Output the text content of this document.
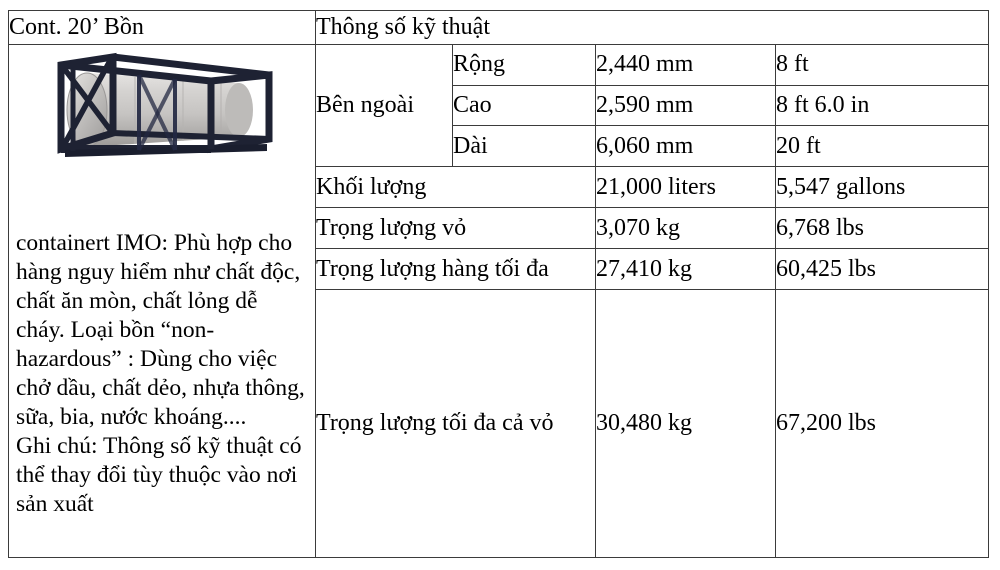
Cont. 20’ Bồn	Thông số kỹ thuật			

containert IMO: Phù hợp cho
hàng nguy hiểm như chất độc,
chất ăn mòn, chất lỏng dễ
cháy. Loại bồn “non-
hazardous” : Dùng cho việc
chở dầu, chất dẻo, nhựa thông,
sữa, bia, nước khoáng....
Ghi chú: Thông số kỹ thuật có
thể thay đổi tùy thuộc vào nơi
sản xuất
	Bên ngoài	Rộng	2,440 mm	8 ft
		Cao	2,590 mm	8 ft 6.0 in
		Dài	6,060 mm	20 ft
	Khối lượng		21,000 liters	5,547 gallons
	Trọng lượng vỏ		3,070 kg	6,768 lbs
	Trọng lượng hàng tối đa		27,410 kg	60,425 lbs
	Trọng lượng tối đa cả vỏ		30,480 kg	67,200 lbs
